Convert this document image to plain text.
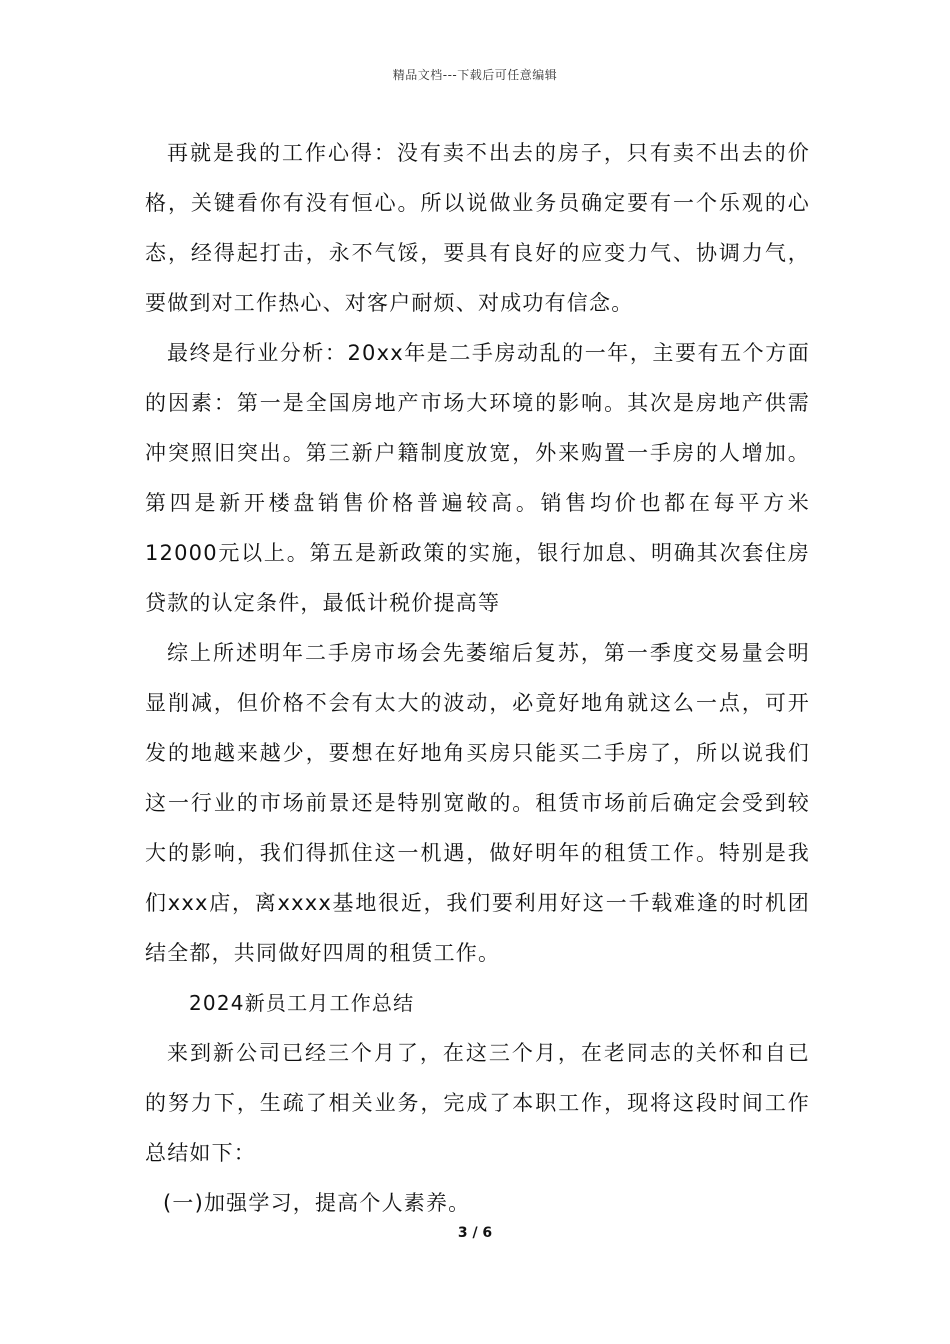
精品文档---下载后可任意编辑

再就是我的工作心得：没有卖不出去的房子，只有卖不出去的价格，关键看你有没有恒心。所以说做业务员确定要有一个乐观的心态，经得起打击，永不气馁，要具有良好的应变力气、协调力气，要做到对工作热心、对客户耐烦、对成功有信念。

最终是行业分析：20xx年是二手房动乱的一年，主要有五个方面的因素：第一是全国房地产市场大环境的影响。其次是房地产供需冲突照旧突出。第三新户籍制度放宽，外来购置一手房的人增加。第四是新开楼盘销售价格普遍较高。销售均价也都在每平方米12000元以上。第五是新政策的实施，银行加息、明确其次套住房贷款的认定条件，最低计税价提高等

综上所述明年二手房市场会先萎缩后复苏，第一季度交易量会明显削减，但价格不会有太大的波动，必竟好地角就这么一点，可开发的地越来越少，要想在好地角买房只能买二手房了，所以说我们这一行业的市场前景还是特别宽敞的。租赁市场前后确定会受到较大的影响，我们得抓住这一机遇，做好明年的租赁工作。特别是我们xxx店，离xxxx基地很近，我们要利用好这一千载难逢的时机团结全都，共同做好四周的租赁工作。

2024新员工月工作总结

来到新公司已经三个月了，在这三个月，在老同志的关怀和自已的努力下，生疏了相关业务，完成了本职工作，现将这段时间工作总结如下：

(一)加强学习，提高个人素养。

3 / 6
